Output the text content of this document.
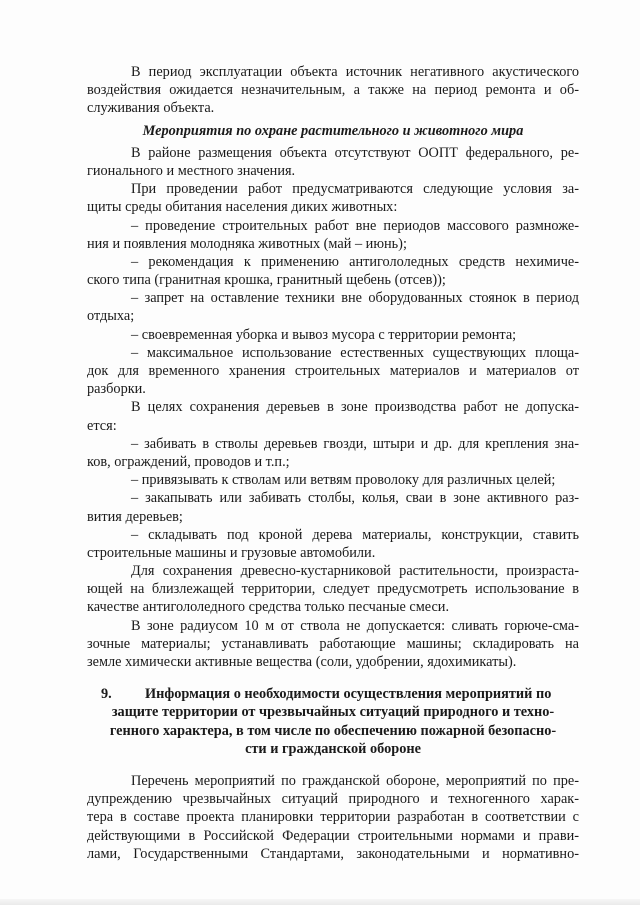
В период эксплуатации объекта источник негативного акустического
воздействия ожидается незначительным, а также на период ремонта и об-
служивания объекта.
Мероприятия по охране растительного и животного мира
В районе размещения объекта отсутствуют ООПТ федерального, ре-
гионального и местного значения.
При проведении работ предусматриваются следующие условия за-
щиты среды обитания населения диких животных:
– проведение строительных работ вне периодов массового размноже-
ния и появления молодняка животных (май – июнь);
– рекомендация к применению антигололедных средств нехимиче-
ского типа (гранитная крошка, гранитный щебень (отсев));
– запрет на оставление техники вне оборудованных стоянок в период
отдыха;
– своевременная уборка и вывоз мусора с территории ремонта;
– максимальное использование естественных существующих площа-
док для временного хранения строительных материалов и материалов от
разборки.
В целях сохранения деревьев в зоне производства работ не допуска-
ется:
– забивать в стволы деревьев гвозди, штыри и др. для крепления зна-
ков, ограждений, проводов и т.п.;
– привязывать к стволам или ветвям проволоку для различных целей;
– закапывать или забивать столбы, колья, сваи в зоне активного раз-
вития деревьев;
– складывать под кроной дерева материалы, конструкции, ставить
строительные машины и грузовые автомобили.
Для сохранения древесно-кустарниковой растительности, произраста-
ющей на близлежащей территории, следует предусмотреть использование в
качестве антигололедного средства только песчаные смеси.
В зоне радиусом 10 м от ствола не допускается: сливать горюче-сма-
зочные материалы; устанавливать работающие машины; складировать на
земле химически активные вещества (соли, удобрении, ядохимикаты).
9. Информация о необходимости осуществления мероприятий по
защите территории от чрезвычайных ситуаций природного и техно-
генного характера, в том числе по обеспечению пожарной безопасно-
сти и гражданской обороне
Перечень мероприятий по гражданской обороне, мероприятий по пре-
дупреждению чрезвычайных ситуаций природного и техногенного харак-
тера в составе проекта планировки территории разработан в соответствии с
действующими в Российской Федерации строительными нормами и прави-
лами, Государственными Стандартами, законодательными и нормативно-
